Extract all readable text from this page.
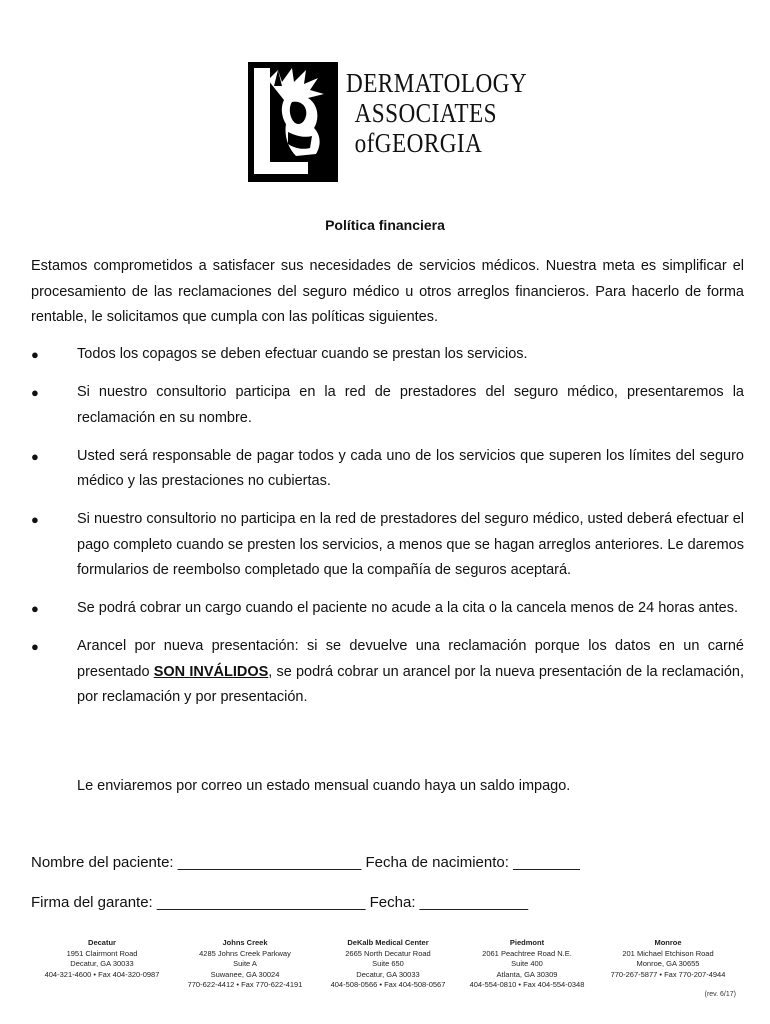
DERMATOLOGY
ASSOCIATES
ofGEORGIA
Política financiera

Estamos comprometidos a satisfacer sus necesidades de servicios médicos. Nuestra meta es simplificar el procesamiento de las reclamaciones del seguro médico u otros arreglos financieros. Para hacerlo de forma rentable, le solicitamos que cumpla con las políticas siguientes.

●	Todos los copagos se deben efectuar cuando se prestan los servicios.
●	Si nuestro consultorio participa en la red de prestadores del seguro médico, presentaremos la reclamación en su nombre.
●	Usted será responsable de pagar todos y cada uno de los servicios que superen los límites del seguro médico y las prestaciones no cubiertas.
●	Si nuestro consultorio no participa en la red de prestadores del seguro médico, usted deberá efectuar el pago completo cuando se presten los servicios, a menos que se hagan arreglos anteriores. Le daremos formularios de reembolso completado que la compañía de seguros aceptará.
●	Se podrá cobrar un cargo cuando el paciente no acude a la cita o la cancela menos de 24 horas antes.
●	Arancel por nueva presentación: si se devuelve una reclamación porque los datos en un carné presentado SON INVÁLIDOS, se podrá cobrar un arancel por la nueva presentación de la reclamación, por reclamación y por presentación.

Le enviaremos por correo un estado mensual cuando haya un saldo impago.

Nombre del paciente: ______________________ Fecha de nacimiento: ________
Firma del garante: _________________________ Fecha: _____________
Decatur
1951 Clairmont Road
Decatur, GA 30033
404-321-4600 • Fax 404-320-0987
Johns Creek
4285 Johns Creek Parkway
Suite A
Suwanee, GA 30024
770-622-4412 • Fax 770-622-4191
DeKalb Medical Center
2665 North Decatur Road
Suite 650
Decatur, GA 30033
404-508-0566 • Fax 404-508-0567
Piedmont
2061 Peachtree Road N.E.
Suite 400
Atlanta, GA 30309
404-554-0810 • Fax 404-554-0348
Monroe
201 Michael Etchison Road
Monroe, GA 30655
770-267-5877 • Fax 770-207-4944
(rev. 6/17)
